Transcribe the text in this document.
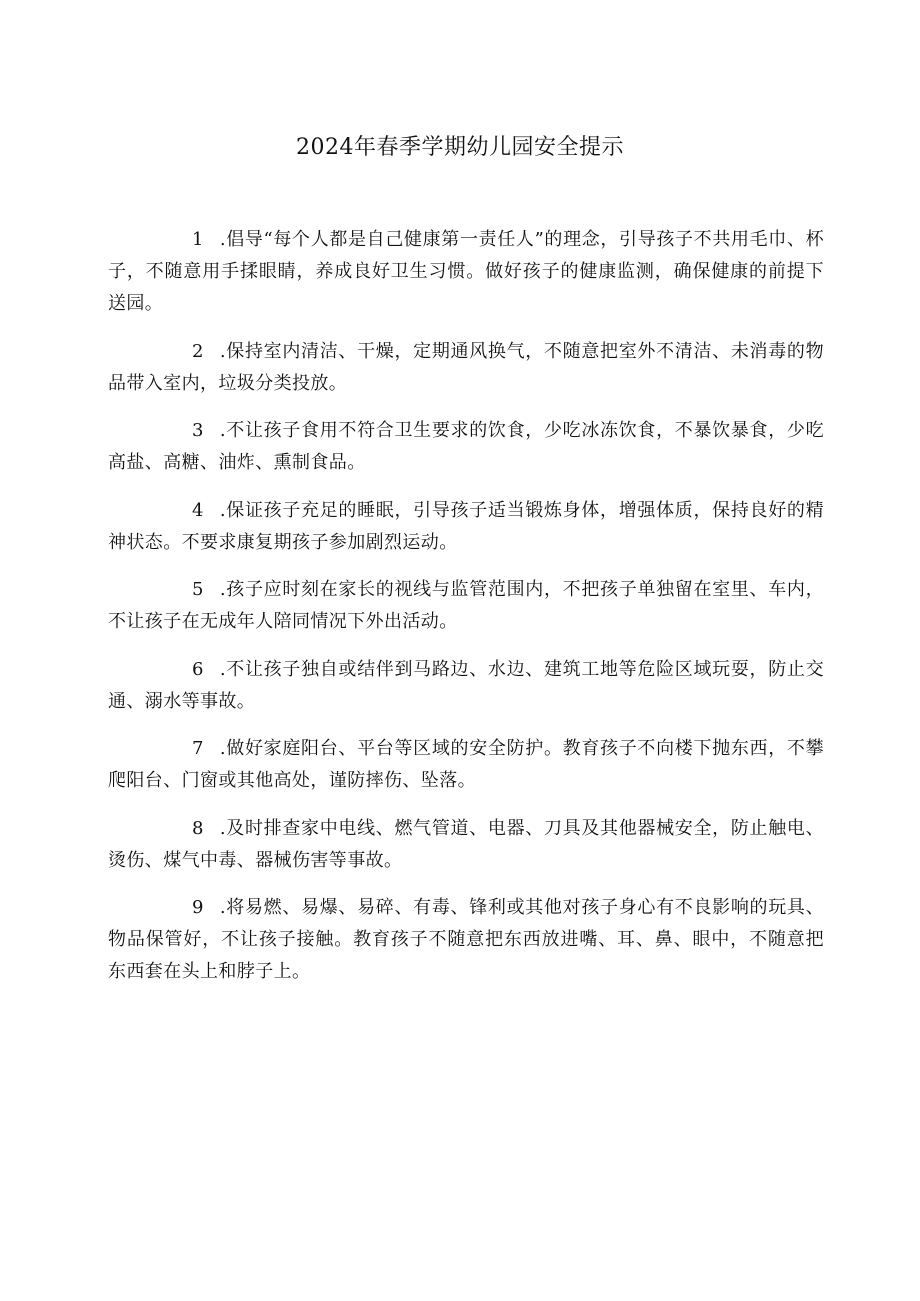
2024年春季学期幼儿园安全提示

1 .倡导“每个人都是自己健康第一责任人”的理念，引导孩子不共用毛巾、杯子，不随意用手揉眼睛，养成良好卫生习惯。做好孩子的健康监测，确保健康的前提下送园。

2 .保持室内清洁、干燥，定期通风换气，不随意把室外不清洁、未消毒的物品带入室内，垃圾分类投放。

3 .不让孩子食用不符合卫生要求的饮食，少吃冰冻饮食，不暴饮暴食，少吃高盐、高糖、油炸、熏制食品。

4 .保证孩子充足的睡眠，引导孩子适当锻炼身体，增强体质，保持良好的精神状态。不要求康复期孩子参加剧烈运动。

5 .孩子应时刻在家长的视线与监管范围内，不把孩子单独留在室里、车内，不让孩子在无成年人陪同情况下外出活动。

6 .不让孩子独自或结伴到马路边、水边、建筑工地等危险区域玩耍，防止交通、溺水等事故。

7 .做好家庭阳台、平台等区域的安全防护。教育孩子不向楼下抛东西，不攀爬阳台、门窗或其他高处，谨防摔伤、坠落。

8 .及时排查家中电线、燃气管道、电器、刀具及其他器械安全，防止触电、烫伤、煤气中毒、器械伤害等事故。

9 .将易燃、易爆、易碎、有毒、锋利或其他对孩子身心有不良影响的玩具、物品保管好，不让孩子接触。教育孩子不随意把东西放进嘴、耳、鼻、眼中，不随意把东西套在头上和脖子上。
